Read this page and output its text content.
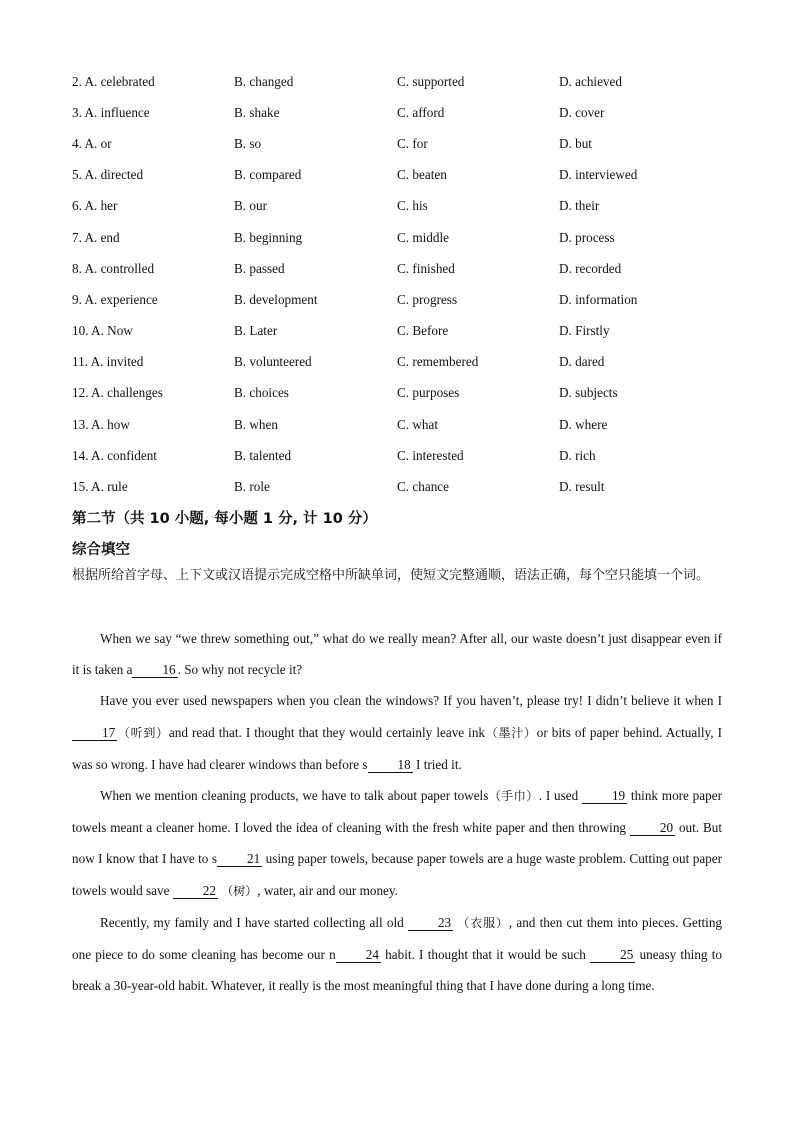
2. A. celebrated	B. changed	C. supported	D. achieved
3. A. influence	B. shake	C. afford	D. cover
4. A. or	B. so	C. for	D. but
5. A. directed	B. compared	C. beaten	D. interviewed
6. A. her	B. our	C. his	D. their
7. A. end	B. beginning	C. middle	D. process
8. A. controlled	B. passed	C. finished	D. recorded
9. A. experience	B. development	C. progress	D. information
10. A. Now	B. Later	C. Before	D. Firstly
11. A. invited	B. volunteered	C. remembered	D. dared
12. A. challenges	B. choices	C. purposes	D. subjects
13. A. how	B. when	C. what	D. where
14. A. confident	B. talented	C. interested	D. rich
15. A. rule	B. role	C. chance	D. result
第二节（共 10 小题, 每小题 1 分, 计 10 分）
综合填空
根据所给首字母、上下文或汉语提示完成空格中所缺单词，使短文完整通顺，语法正确，每个空只能填一个词。

When we say “we threw something out,” what do we really mean? After all, our waste doesn’t just disappear even if it is taken a 16 . So why not recycle it?

Have you ever used newspapers when you clean the windows? If you haven’t, please try! I didn’t believe it when I 17 （听到）and read that. I thought that they would certainly leave ink（墨汁）or bits of paper behind. Actually, I was so wrong. I have had clearer windows than before s 18 I tried it.

When we mention cleaning products, we have to talk about paper towels（手巾）. I used	19 think more paper towels meant a cleaner home. I loved the idea of cleaning with the fresh white paper and then throwing	20 out. But now I know that I have to s 21 using paper towels, because paper towels are a huge waste problem. Cutting out paper towels would save	22 （树）, water, air and our money.

Recently, my family and I have started collecting all old	23 （衣服）, and then cut them into pieces. Getting one piece to do some cleaning has become our n 24 habit. I thought that it would be such	25 uneasy thing to break a 30-year-old habit. Whatever, it really is the most meaningful thing that I have done during a long time.
